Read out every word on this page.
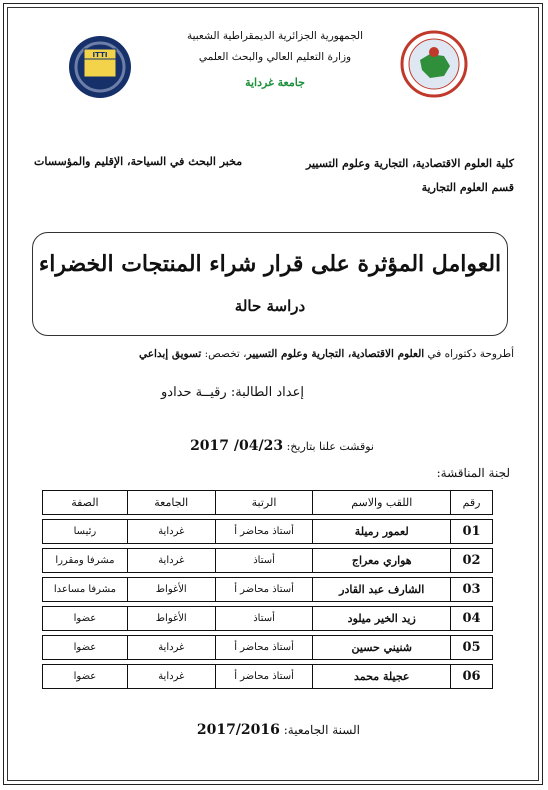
ITTI
الجمهورية الجزائرية الديمقراطية الشعبية
وزارة التعليم العالي والبحث العلمي
جامعة غرداية
كلية العلوم الاقتصادية، التجارية وعلوم التسيير
مخبر البحث في السياحة، الإقليم والمؤسسات
قسم العلوم التجارية
العوامل المؤثرة على قرار شراء المنتجات الخضراء
دراسة حالة
أطروحة دكتوراه في العلوم الاقتصادية، التجارية وعلوم التسيير، تخصص: تسويق إبداعي
إعداد الطالبة: رقيــة حدادو
نوقشت علنا بتاريخ: 2017 /04/23
لجنة المناقشة:
رقم	اللقب والاسم	الرتبة	الجامعة	الصفة

01	لعمور رميلة	أستاذ محاضر أ	غرداية	رئيسا

02	هواري معراج	أستاذ	غرداية	مشرفا ومقررا

03	الشارف عبد القادر	أستاذ محاضر أ	الأغواط	مشرفا مساعدا

04	زيد الخير ميلود	أستاذ	الأغواط	عضوا

05	شنيني حسين	أستاذ محاضر أ	غرداية	عضوا

06	عجيلة محمد	أستاذ محاضر أ	غرداية	عضوا
السنة الجامعية: 2017/2016
